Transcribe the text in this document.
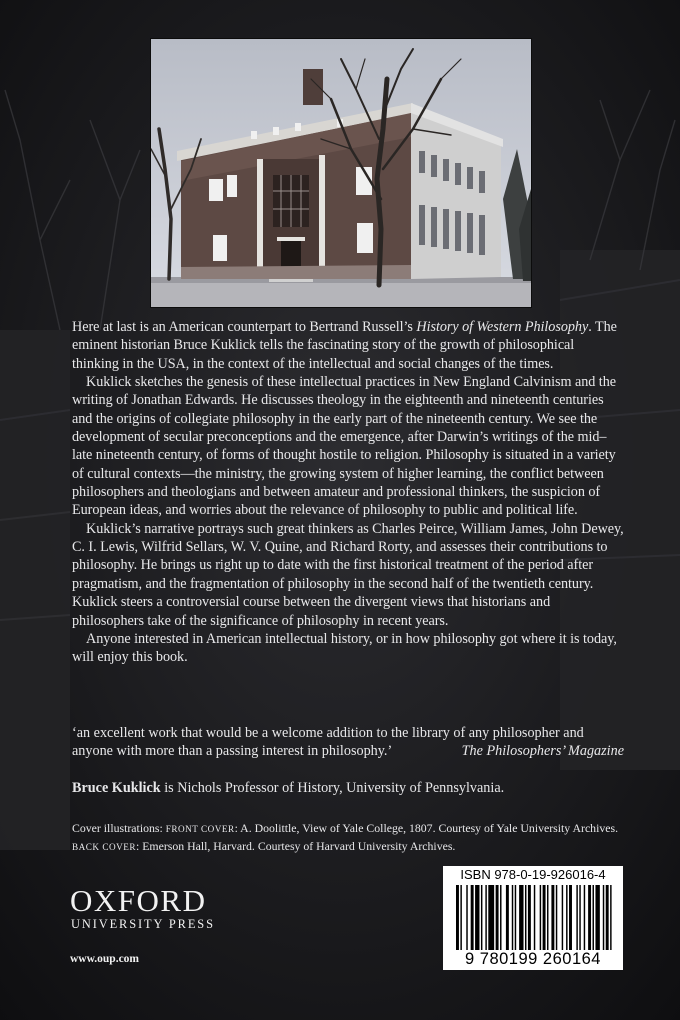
Here at last is an American counterpart to Bertrand Russell’s History of Western Philosophy. The eminent historian Bruce Kuklick tells the fascinating story of the growth of philosophical thinking in the USA, in the context of the intellectual and social changes of the times.

Kuklick sketches the genesis of these intellectual practices in New England Calvinism and the writing of Jonathan Edwards. He discusses theology in the eighteenth and nineteenth centuries and the origins of collegiate philosophy in the early part of the nineteenth century. We see the development of secular preconceptions and the emergence, after Darwin’s writings of the mid–late nineteenth century, of forms of thought hostile to religion. Philosophy is situated in a variety of cultural contexts—the ministry, the growing system of higher learning, the conflict between philosophers and theologians and between amateur and professional thinkers, the suspicion of European ideas, and worries about the relevance of philosophy to public and political life.

Kuklick’s narrative portrays such great thinkers as Charles Peirce, William James, John Dewey, C. I. Lewis, Wilfrid Sellars, W. V. Quine, and Richard Rorty, and assesses their contributions to philosophy. He brings us right up to date with the first historical treatment of the period after pragmatism, and the fragmentation of philosophy in the second half of the twentieth century. Kuklick steers a controversial course between the divergent views that historians and philosophers take of the significance of philosophy in recent years.

Anyone interested in American intellectual history, or in how philosophy got where it is today, will enjoy this book.

‘an excellent work that would be a welcome addition to the library of any philosopher and anyone with more than a passing interest in philosophy.’	The Philosophers’ Magazine
Bruce Kuklick is Nichols Professor of History, University of Pennsylvania.
Cover illustrations: FRONT COVER: A. Doolittle, View of Yale College, 1807. Courtesy of Yale University Archives. BACK COVER: Emerson Hall, Harvard. Courtesy of Harvard University Archives.
OXFORD
UNIVERSITY PRESS
www.oup.com
ISBN 978-0-19-926016-4
9 780199 260164
